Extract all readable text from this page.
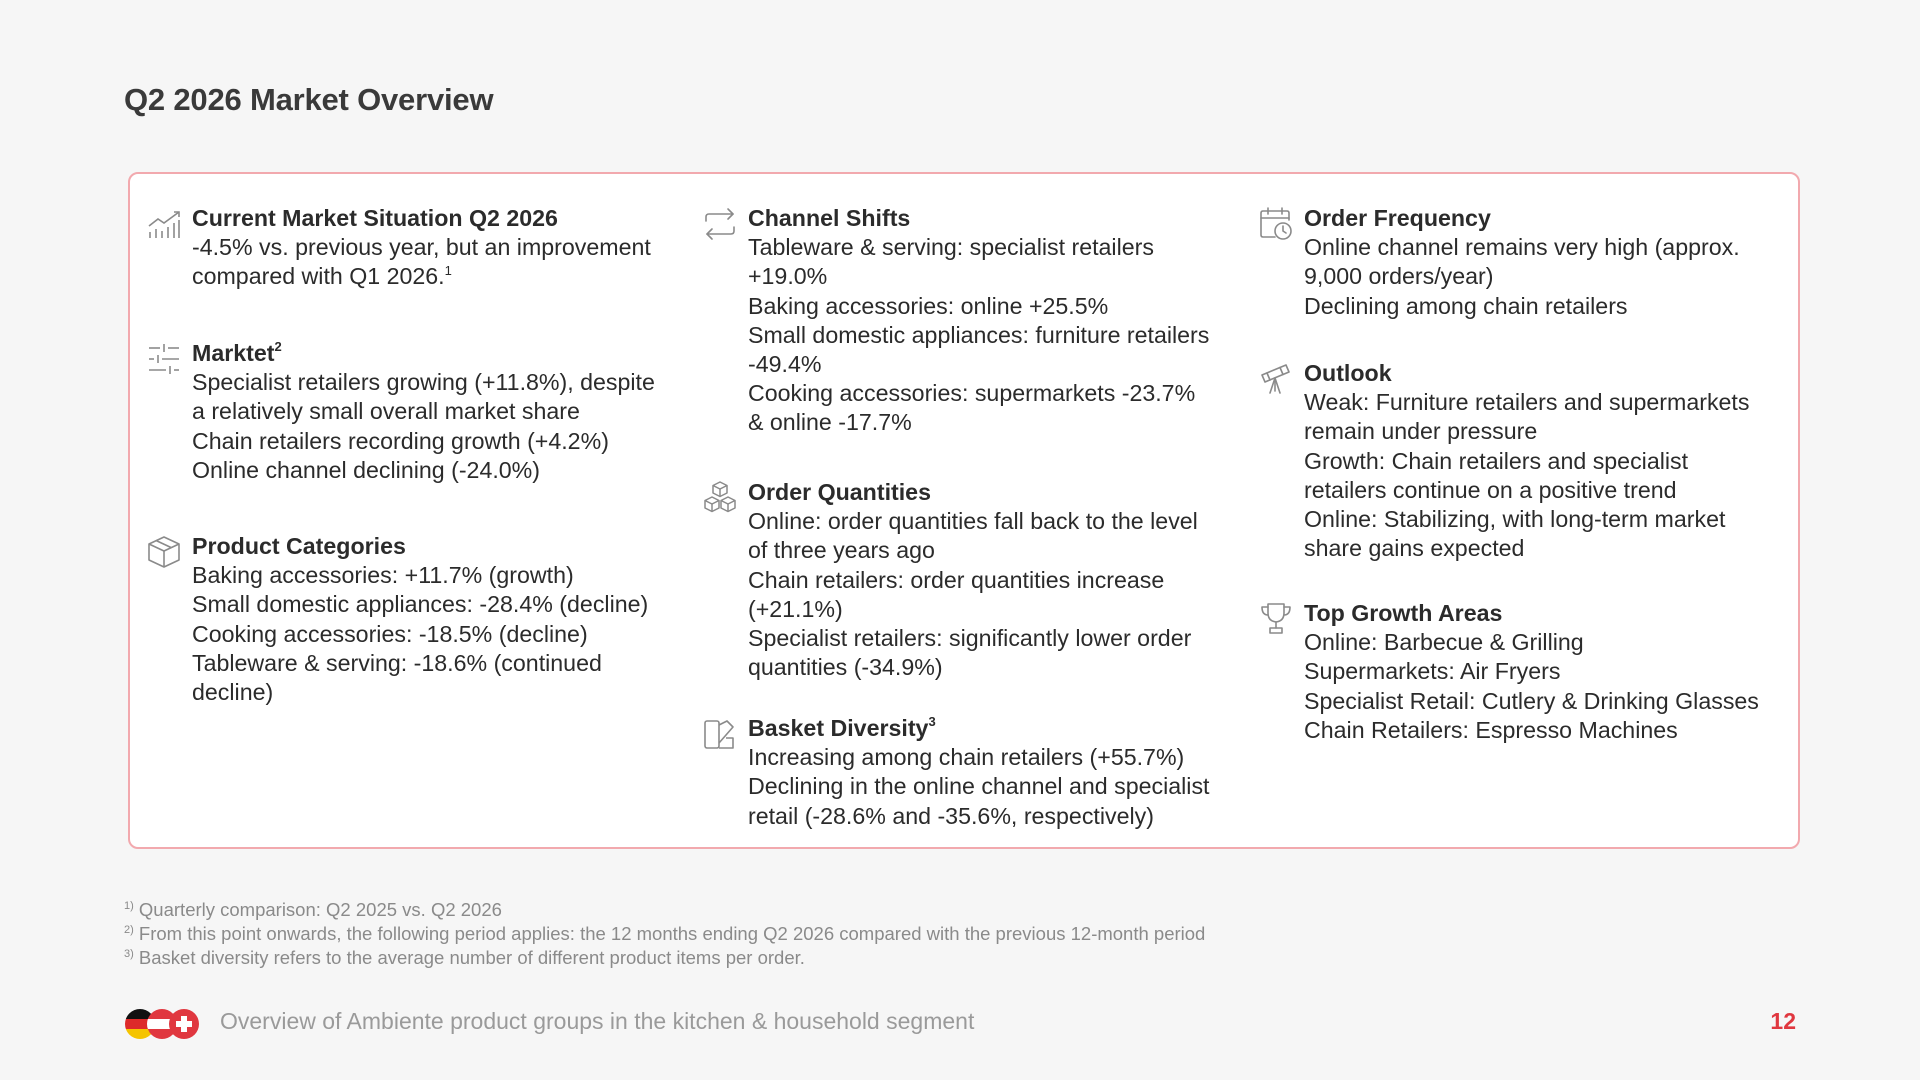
Q2 2026 Market Overview
Current Market Situation Q2 2026

-4.5% vs. previous year, but an improvement compared with Q1 2026.$^1$

Marktet$^2$

Specialist retailers growing (+11.8%), despite a relatively small overall market share

Chain retailers recording growth (+4.2%)

Online channel declining (-24.0%)

Product Categories

Baking accessories: +11.7% (growth)

Small domestic appliances: -28.4% (decline)

Cooking accessories: -18.5% (decline)

Tableware & serving: -18.6% (continued decline)

Channel Shifts

Tableware & serving: specialist retailers +19.0%

Baking accessories: online +25.5%

Small domestic appliances: furniture retailers -49.4%

Cooking accessories: supermarkets -23.7% & online -17.7%

Order Quantities

Online: order quantities fall back to the level of three years ago

Chain retailers: order quantities increase (+21.1%)

Specialist retailers: significantly lower order quantities (-34.9%)

Basket Diversity$^3$

Increasing among chain retailers (+55.7%)

Declining in the online channel and specialist retail (-28.6% and -35.6%, respectively)

Order Frequency

Online channel remains very high (approx. 9,000 orders/year)

Declining among chain retailers

Outlook

Weak: Furniture retailers and supermarkets remain under pressure

Growth: Chain retailers and specialist retailers continue on a positive trend

Online: Stabilizing, with long-term market share gains expected

Top Growth Areas

Online: Barbecue & Grilling

Supermarkets: Air Fryers

Specialist Retail: Cutlery & Drinking Glasses

Chain Retailers: Espresso Machines

$^{1)}$ Quarterly comparison: Q2 2025 vs. Q2 2026

$^{2)}$ From this point onwards, the following period applies: the 12 months ending Q2 2026 compared with the previous 12-month period

$^{3)}$ Basket diversity refers to the average number of different product items per order.

Overview of Ambiente product groups in the kitchen & household segment	12
